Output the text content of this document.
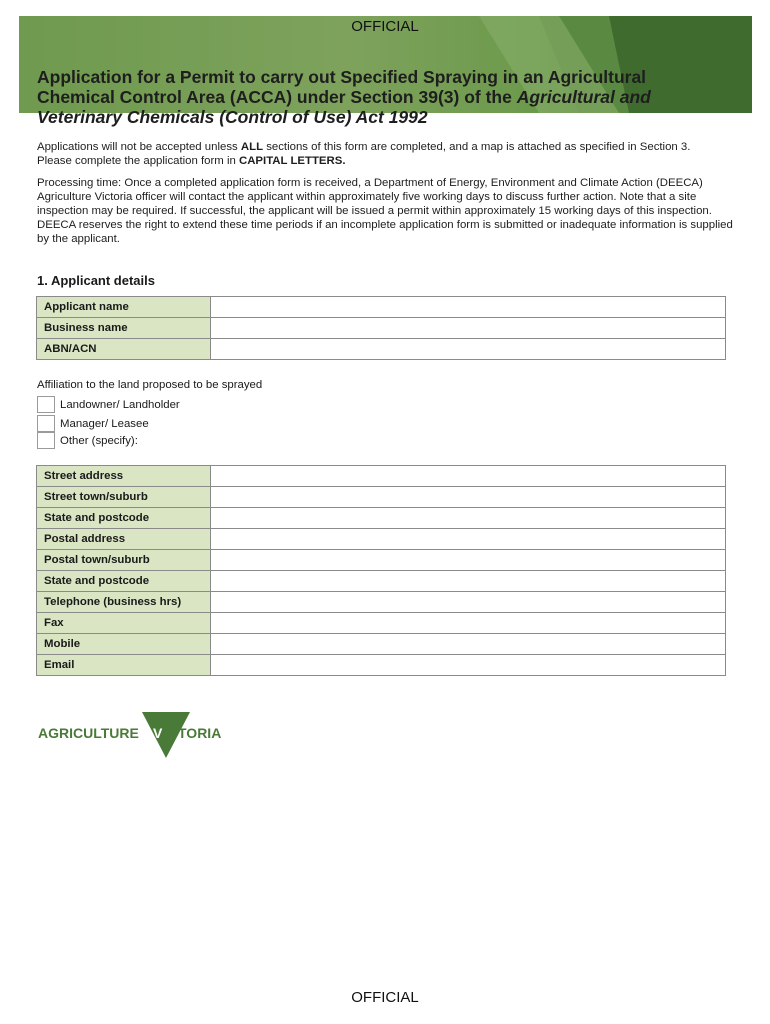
OFFICIAL
Application for a Permit to carry out Specified Spraying in an Agricultural Chemical Control Area (ACCA) under Section 39(3) of the Agricultural and Veterinary Chemicals (Control of Use) Act 1992

Applications will not be accepted unless ALL sections of this form are completed, and a map is attached as specified in Section 3. Please complete the application form in CAPITAL LETTERS.

Processing time: Once a completed application form is received, a Department of Energy, Environment and Climate Action (DEECA) Agriculture Victoria officer will contact the applicant within approximately five working days to discuss further action. Note that a site inspection may be required. If successful, the applicant will be issued a permit within approximately 15 working days of this inspection. DEECA reserves the right to extend these time periods if an incomplete application form is submitted or inadequate information is supplied by the applicant.

1. Applicant details
Applicant name	
Business name	
ABN/ACN	
Affiliation to the land proposed to be sprayed
Landowner/ Landholder
Manager/ Leasee
Other (specify):
Street address	
Street town/suburb	
State and postcode	
Postal address	
Postal town/suburb	
State and postcode	
Telephone (business hrs)	
Fax	
Mobile	
Email	
AGRICULTURE V ICTORIA
OFFICIAL
